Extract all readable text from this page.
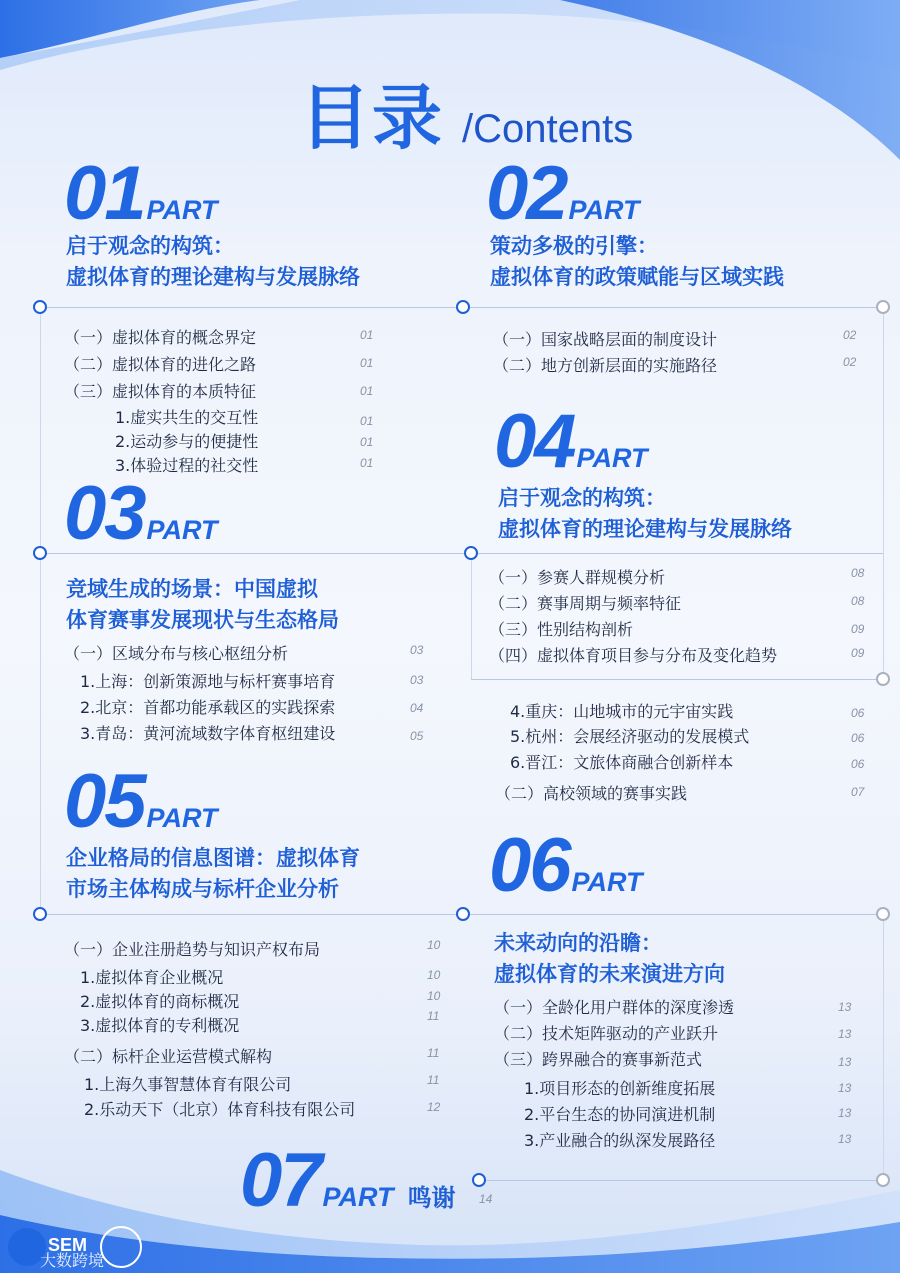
目录 /Contents
01PART
启于观念的构筑：
虚拟体育的理论建构与发展脉络
（一）虚拟体育的概念界定	01
（二）虚拟体育的进化之路	01
（三）虚拟体育的本质特征	01
1.虚实共生的交互性	01
2.运动参与的便捷性	01
3.体验过程的社交性	01
02PART
策动多极的引擎：
虚拟体育的政策赋能与区域实践
（一）国家战略层面的制度设计	02
（二）地方创新层面的实施路径	02
03PART
竞域生成的场景：中国虚拟
体育赛事发展现状与生态格局
（一）区域分布与核心枢纽分析	03
1.上海：创新策源地与标杆赛事培育	03
2.北京：首都功能承载区的实践探索	04
3.青岛：黄河流域数字体育枢纽建设	05
04PART
启于观念的构筑：
虚拟体育的理论建构与发展脉络
（一）参赛人群规模分析	08
（二）赛事周期与频率特征	08
（三）性别结构剖析	09
（四）虚拟体育项目参与分布及变化趋势	09
4.重庆：山地城市的元宇宙实践	06
5.杭州：会展经济驱动的发展模式	06
6.晋江：文旅体商融合创新样本	06
（二）高校领域的赛事实践	07
05PART
企业格局的信息图谱：虚拟体育
市场主体构成与标杆企业分析
（一）企业注册趋势与知识产权布局	10
1.虚拟体育企业概况	10
2.虚拟体育的商标概况	10
3.虚拟体育的专利概况	11
（二）标杆企业运营模式解构	11
1.上海久事智慧体育有限公司	11
2.乐动天下（北京）体育科技有限公司	12
06PART
未来动向的沿瞻：
虚拟体育的未来演进方向
（一）全龄化用户群体的深度渗透	13
（二）技术矩阵驱动的产业跃升	13
（三）跨界融合的赛事新范式	13
1.项目形态的创新维度拓展	13
2.平台生态的协同演进机制	13
3.产业融合的纵深发展路径	13
07PART 鸣谢 14
SEM
大数跨境
